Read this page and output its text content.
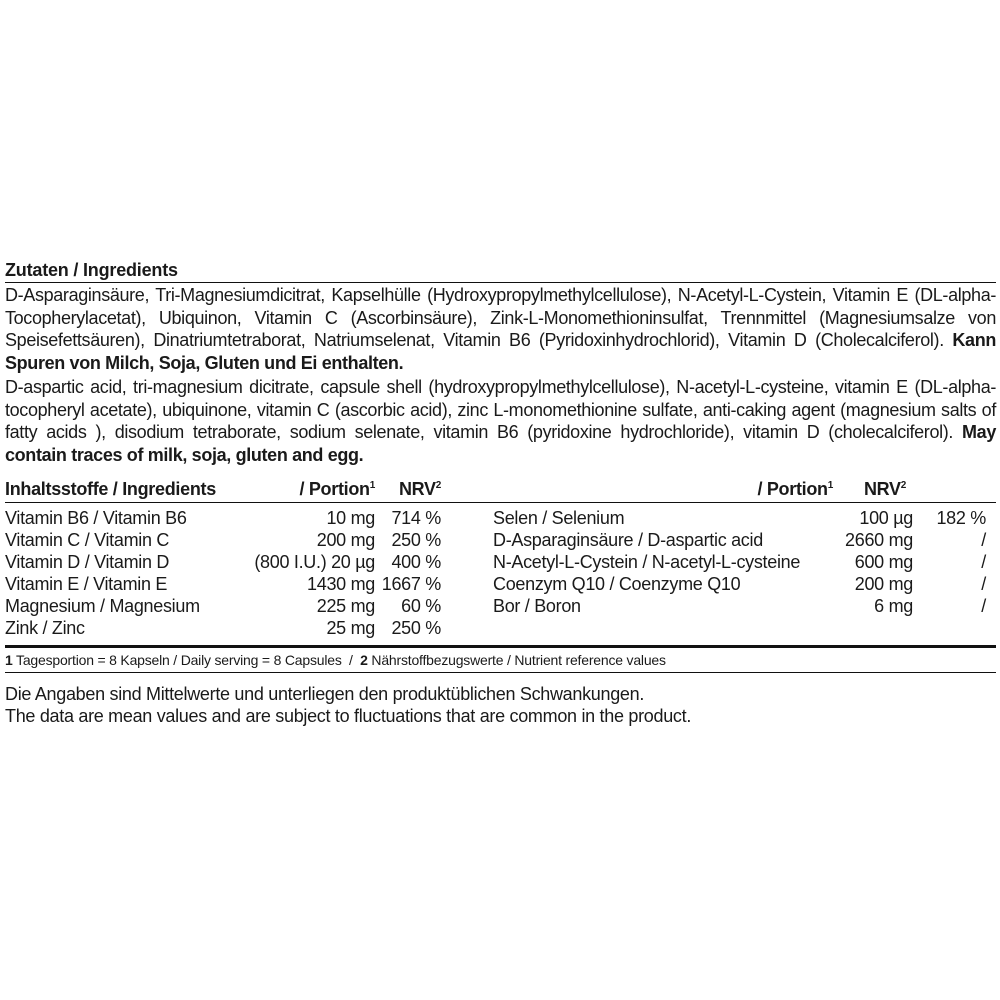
Zutaten / Ingredients

D-Asparaginsäure, Tri-Magnesiumdicitrat, Kapselhülle (Hydroxypropylmethylcellulose), N-Acetyl-L-Cystein, Vitamin E (DL-alpha-Tocopherylacetat), Ubiquinon, Vitamin C (Ascorbinsäure), Zink-L-Monomethioninsulfat, Trennmittel (Magnesiumsalze von Speisefettsäuren), Dinatriumtetraborat, Natriumselenat, Vitamin B6 (Pyridoxinhydrochlorid), Vitamin D (Cholecalciferol). Kann Spuren von Milch, Soja, Gluten und Ei enthalten.

D-aspartic acid, tri-magnesium dicitrate, capsule shell (hydroxypropylmethylcellulose), N-acetyl-L-cysteine, vitamin E (DL-alpha-tocopheryl acetate), ubiquinone, vitamin C (ascorbic acid), zinc L-monomethionine sulfate, anti-caking agent (magnesium salts of fatty acids ), disodium tetraborate, sodium selenate, vitamin B6 (pyridoxine hydrochloride), vitamin D (cholecalciferol). May contain traces of milk, soja, gluten and egg.

Inhaltsstoffe / Ingredients	/ Portion$^1$	NRV$^2$	/ Portion$^1$	NRV$^2$
Vitamin B6 / Vitamin B6	10 mg 714 %
Vitamin C / Vitamin C	200 mg 250 %
Vitamin D / Vitamin D	(800 I.U.) 20 µg 400 %
Vitamin E / Vitamin E	1430 mg 1667 %
Magnesium / Magnesium	225 mg	60 %
Zink / Zinc	25 mg 250 %
Selen / Selenium	100 µg	182 %
D-Asparaginsäure / D-aspartic acid	2660 mg	/
N-Acetyl-L-Cystein / N-acetyl-L-cysteine	600 mg	/
Coenzym Q10 / Coenzyme Q10	200 mg	/
Bor / Boron	6 mg	/
1 Tagesportion = 8 Kapseln / Daily serving = 8 Capsules / 2 Nährstoffbezugswerte / Nutrient reference values
Die Angaben sind Mittelwerte und unterliegen den produktüblichen Schwankungen.
The data are mean values and are subject to fluctuations that are common in the product.
